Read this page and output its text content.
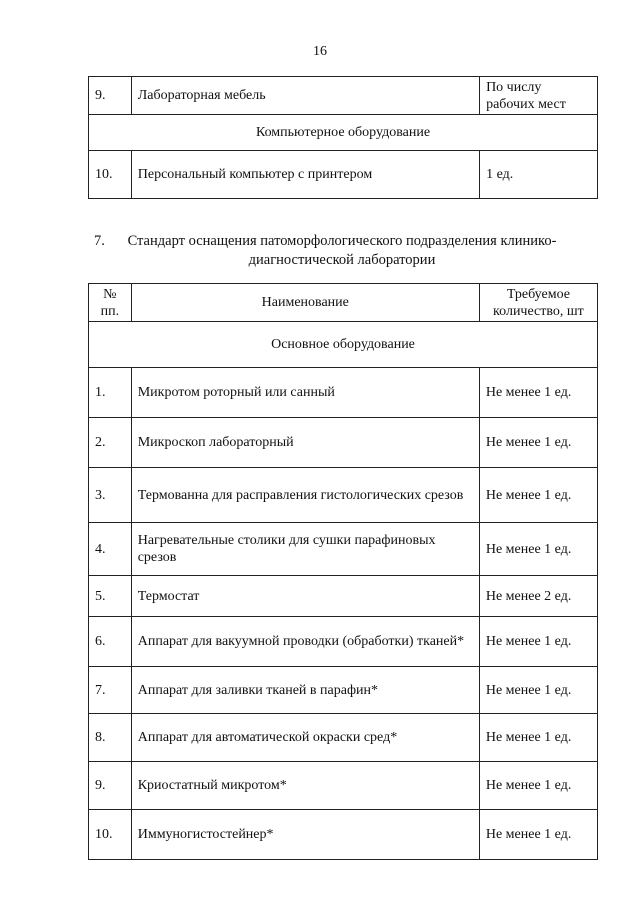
16
9.	Лабораторная мебель	По числу рабочих мест
Компьютерное оборудование		
10.	Персональный компьютер с принтером	1 ед.
7. Стандарт оснащения патоморфологического подразделения клинико-диагностической лаборатории
№ пп.	Наименование	Требуемое количество, шт
Основное оборудование		
1.	Микротом роторный или санный	Не менее 1 ед.
2.	Микроскоп лабораторный	Не менее 1 ед.
3.	Термованна для расправления гистологических срезов	Не менее 1 ед.
4.	Нагревательные столики для сушки парафиновых срезов	Не менее 1 ед.
5.	Термостат	Не менее 2 ед.
6.	Аппарат для вакуумной проводки (обработки) тканей*	Не менее 1 ед.
7.	Аппарат для заливки тканей в парафин*	Не менее 1 ед.
8.	Аппарат для автоматической окраски сред*	Не менее 1 ед.
9.	Криостатный микротом*	Не менее 1 ед.
10.	Иммуногистостейнер*	Не менее 1 ед.
